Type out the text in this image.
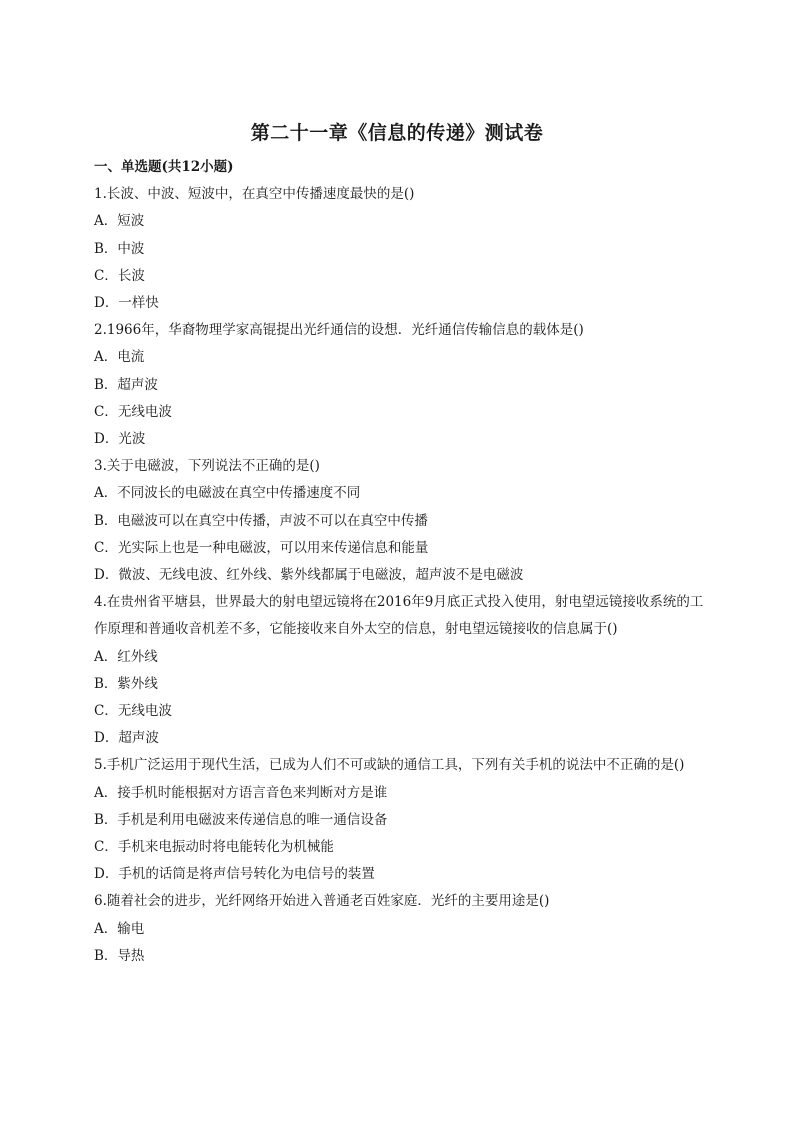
第二十一章《信息的传递》测试卷
一、单选题(共12小题)
1.长波、中波、短波中，在真空中传播速度最快的是()
A．短波
B．中波
C．长波
D．一样快
2.1966年，华裔物理学家高锟提出光纤通信的设想．光纤通信传输信息的载体是()
A．电流
B．超声波
C．无线电波
D．光波
3.关于电磁波，下列说法不正确的是()
A．不同波长的电磁波在真空中传播速度不同
B．电磁波可以在真空中传播，声波不可以在真空中传播
C．光实际上也是一种电磁波，可以用来传递信息和能量
D．微波、无线电波、红外线、紫外线都属于电磁波，超声波不是电磁波
4.在贵州省平塘县，世界最大的射电望远镜将在2016年9月底正式投入使用，射电望远镜接收系统的工作原理和普通收音机差不多，它能接收来自外太空的信息，射电望远镜接收的信息属于()
A．红外线
B．紫外线
C．无线电波
D．超声波
5.手机广泛运用于现代生活，已成为人们不可或缺的通信工具，下列有关手机的说法中不正确的是()
A．接手机时能根据对方语言音色来判断对方是谁
B．手机是利用电磁波来传递信息的唯一通信设备
C．手机来电振动时将电能转化为机械能
D．手机的话筒是将声信号转化为电信号的装置
6.随着社会的进步，光纤网络开始进入普通老百姓家庭．光纤的主要用途是()
A．输电
B．导热
